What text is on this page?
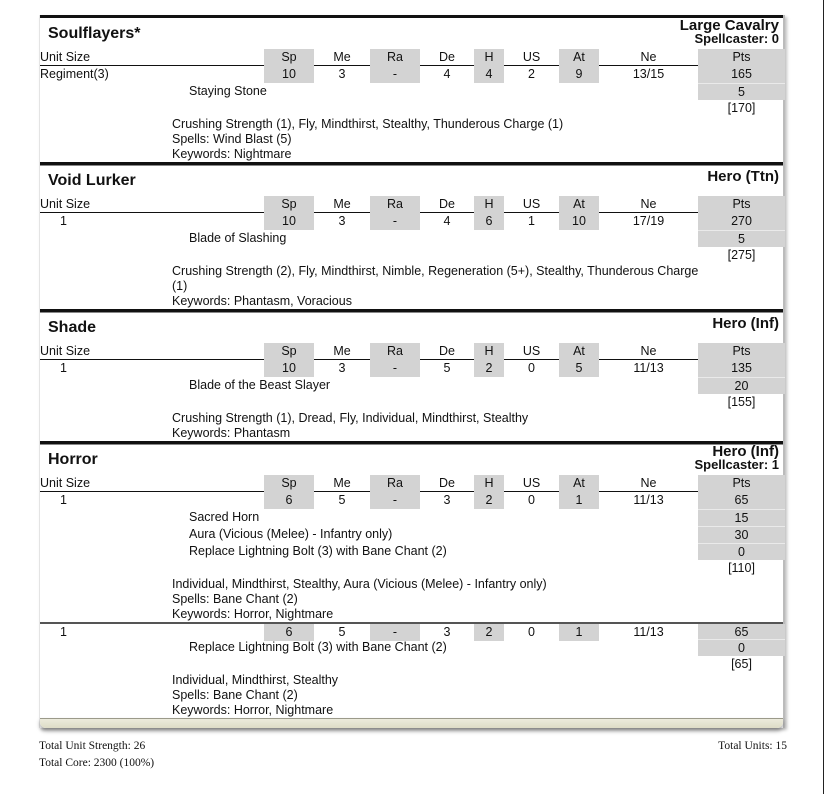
Soulflayers*	Large Cavalry
Spellcaster: 0
Unit Size	Sp	Me	Ra	De	H	US	At	Ne	Pts
Regiment(3)	10	3	-	4	4	2	9	13/15	165
Staying Stone	5
[170]
Crushing Strength (1), Fly, Mindthirst, Stealthy, Thunderous Charge (1)
Spells: Wind Blast (5)
Keywords: Nightmare
Void Lurker	Hero (Ttn)
Unit Size	Sp	Me	Ra	De	H	US	At	Ne	Pts
1	10	3	-	4	6	1	10	17/19	270
Blade of Slashing	5
[275]
Crushing Strength (2), Fly, Mindthirst, Nimble, Regeneration (5+), Stealthy, Thunderous Charge (1)
Keywords: Phantasm, Voracious
Shade	Hero (Inf)
Unit Size	Sp	Me	Ra	De	H	US	At	Ne	Pts
1	10	3	-	5	2	0	5	11/13	135
Blade of the Beast Slayer	20
[155]
Crushing Strength (1), Dread, Fly, Individual, Mindthirst, Stealthy
Keywords: Phantasm
Horror	Hero (Inf)
Spellcaster: 1
Unit Size	Sp	Me	Ra	De	H	US	At	Ne	Pts
1	6	5	-	3	2	0	1	11/13	65
Sacred Horn	15
Aura (Vicious (Melee) - Infantry only)	30
Replace Lightning Bolt (3) with Bane Chant (2)	0
[110]
Individual, Mindthirst, Stealthy, Aura (Vicious (Melee) - Infantry only)
Spells: Bane Chant (2)
Keywords: Horror, Nightmare
1	6	5	-	3	2	0	1	11/13	65
Replace Lightning Bolt (3) with Bane Chant (2)	0
[65]
Individual, Mindthirst, Stealthy
Spells: Bane Chant (2)
Keywords: Horror, Nightmare
Total Unit Strength: 26
Total Core: 2300 (100%)
Total Units: 15
